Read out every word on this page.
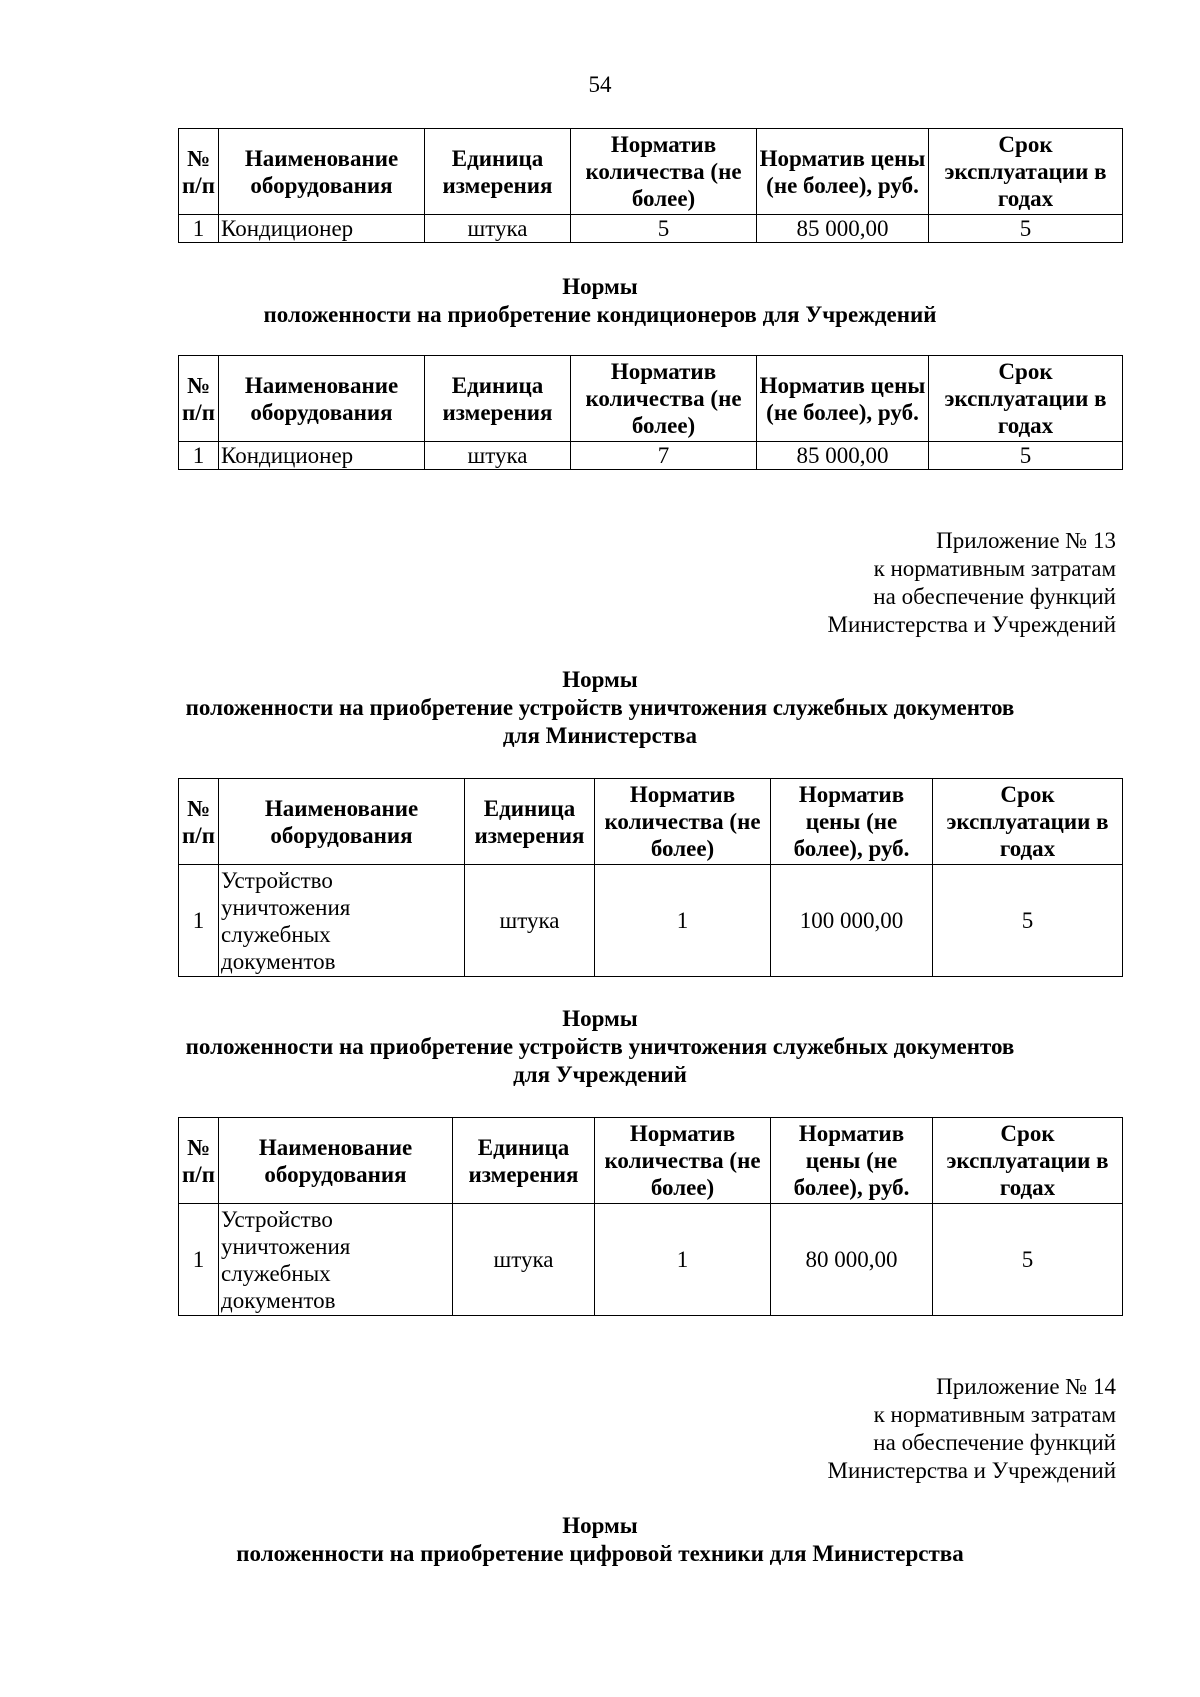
54
№ п/п	Наименование оборудования	Единица измерения	Норматив количества (не более)	Норматив цены (не более), руб.	Срок эксплуатации в годах
1	Кондиционер	штука	5	85 000,00	5
Нормы
положенности на приобретение кондиционеров для Учреждений
№ п/п	Наименование оборудования	Единица измерения	Норматив количества (не более)	Норматив цены (не более), руб.	Срок эксплуатации в годах
1	Кондиционер	штука	7	85 000,00	5
Приложение № 13
к нормативным затратам
на обеспечение функций
Министерства и Учреждений
Нормы
положенности на приобретение устройств уничтожения служебных документов
для Министерства
№ п/п	Наименование оборудования	Единица измерения	Норматив количества (не более)	Норматив цены (не более), руб.	Срок эксплуатации в годах
1	Устройство уничтожения служебных документов	штука	1	100 000,00	5
Нормы
положенности на приобретение устройств уничтожения служебных документов
для Учреждений
№ п/п	Наименование оборудования	Единица измерения	Норматив количества (не более)	Норматив цены (не более), руб.	Срок эксплуатации в годах
1	Устройство уничтожения служебных документов	штука	1	80 000,00	5
Приложение № 14
к нормативным затратам
на обеспечение функций
Министерства и Учреждений
Нормы
положенности на приобретение цифровой техники для Министерства
